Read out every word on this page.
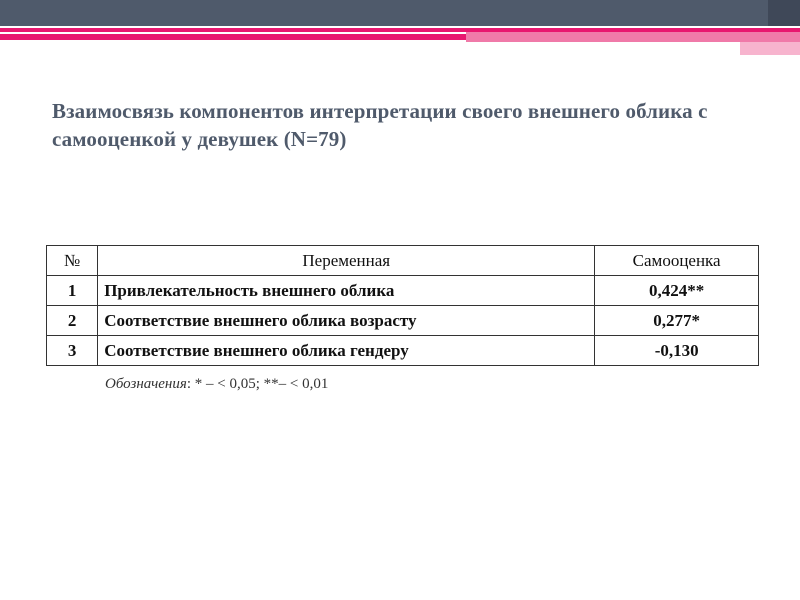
Взаимосвязь компонентов интерпретации своего внешнего облика с самооценкой у девушек (N=79)
№	Переменная	Самооценка
1	Привлекательность внешнего облика	0,424**
2	Соответствие внешнего облика возрасту	0,277*
3	Соответствие внешнего облика гендеру	-0,130

Обозначения: * – < 0,05; **– < 0,01
